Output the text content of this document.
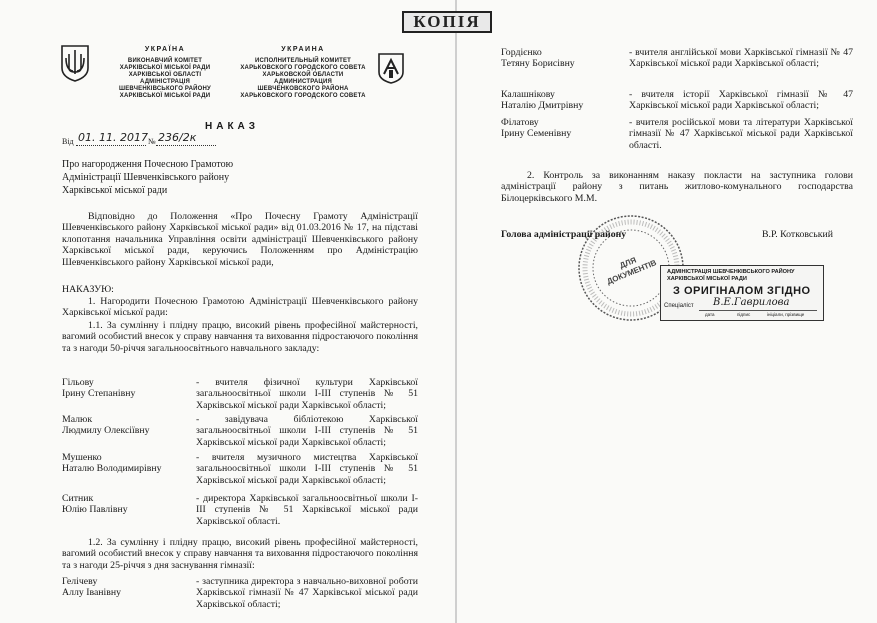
КОПІЯ
УКРАЇНА
ВИКОНАВЧИЙ КОМІТЕТ
ХАРКІВСЬКОЇ МІСЬКОЇ РАДИ
ХАРКІВСЬКОЇ ОБЛАСТІ
АДМІНІСТРАЦІЯ
ШЕВЧЕНКІВСЬКОГО РАЙОНУ
ХАРКІВСЬКОЇ МІСЬКОЇ РАДИ
УКРАИНА
ИСПОЛНИТЕЛЬНЫЙ КОМИТЕТ
ХАРЬКОВСКОГО ГОРОДСКОГО СОВЕТА
ХАРЬКОВСКОЙ ОБЛАСТИ
АДМИНИСТРАЦИЯ
ШЕВЧЕНКОВСКОГО РАЙОНА
ХАРЬКОВСКОГО ГОРОДСКОГО СОВЕТА
НАКАЗ
Від 01. 11. 2017 № 236/2к
Про нагородження Почесною Грамотою
Адміністрації Шевченківського району
Харківської міської ради
Відповідно до Положення «Про Почесну Грамоту Адміністрації Шевченківського району Харківської міської ради» від 01.03.2016 № 17, на підставі клопотання начальника Управління освіти адміністрації Шевченківського району Харківської міської ради, керуючись Положенням про Адміністрацію Шевченківського району Харківської міської ради,
НАКАЗУЮ:
1. Нагородити Почесною Грамотою Адміністрації Шевченківського району Харківської міської ради:
1.1. За сумлінну і плідну працю, високий рівень професійної майстерності, вагомий особистий внесок у справу навчання та виховання підростаючого покоління та з нагоди 50-річчя загальноосвітнього навчального закладу:
Гільову
Ірину Степанівну
- вчителя фізичної культури Харківської загальноосвітньої школи І-ІІІ ступенів № 51 Харківської міської ради Харківської області;
Малюк
Людмилу Олексіївну
- завідувача бібліотекою Харківської загальноосвітньої школи І-ІІІ ступенів № 51 Харківської міської ради Харківської області;
Мушенко
Наталю Володимирівну
- вчителя музичного мистецтва Харківської загальноосвітньої школи І-ІІІ ступенів № 51 Харківської міської ради Харківської області;
Ситник
Юлію Павлівну
- директора Харківської загальноосвітньої школи І-ІІІ ступенів № 51 Харківської міської ради Харківської області.
1.2. За сумлінну і плідну працю, високий рівень професійної майстерності, вагомий особистий внесок у справу навчання та виховання підростаючого покоління та з нагоди 25-річчя з дня заснування гімназії:
Гелічеву
Аллу Іванівну
- заступника директора з навчально-виховної роботи Харківської гімназії № 47 Харківської міської ради Харківської області;
Гордієнко
Тетяну Борисівну
- вчителя англійської мови Харківської гімназії № 47 Харківської міської ради Харківської області;
Калашнікову
Наталію Дмитрівну
- вчителя історії Харківської гімназії № 47 Харківської міської ради Харківської області;
Філатову
Ірину Семенівну
- вчителя російської мови та літератури Харківської гімназії № 47 Харківської міської ради Харківської області.
2. Контроль за виконанням наказу покласти на заступника голови адміністрації району з питань житлово-комунального господарства Білоцерківського М.М.
ДЛЯ ДОКУМЕНТІВ
Голова адміністрації району	В.Р. Котковський
АДМІНІСТРАЦІЯ ШЕВЧЕНКІВСЬКОГО РАЙОНУ
ХАРКІВСЬКОЇ МІСЬКОЇ РАДИ
З ОРИГІНАЛОМ ЗГІДНО
Спеціаліст В.Е.Гаврилова
дата	підпис	ініціали, прізвище
